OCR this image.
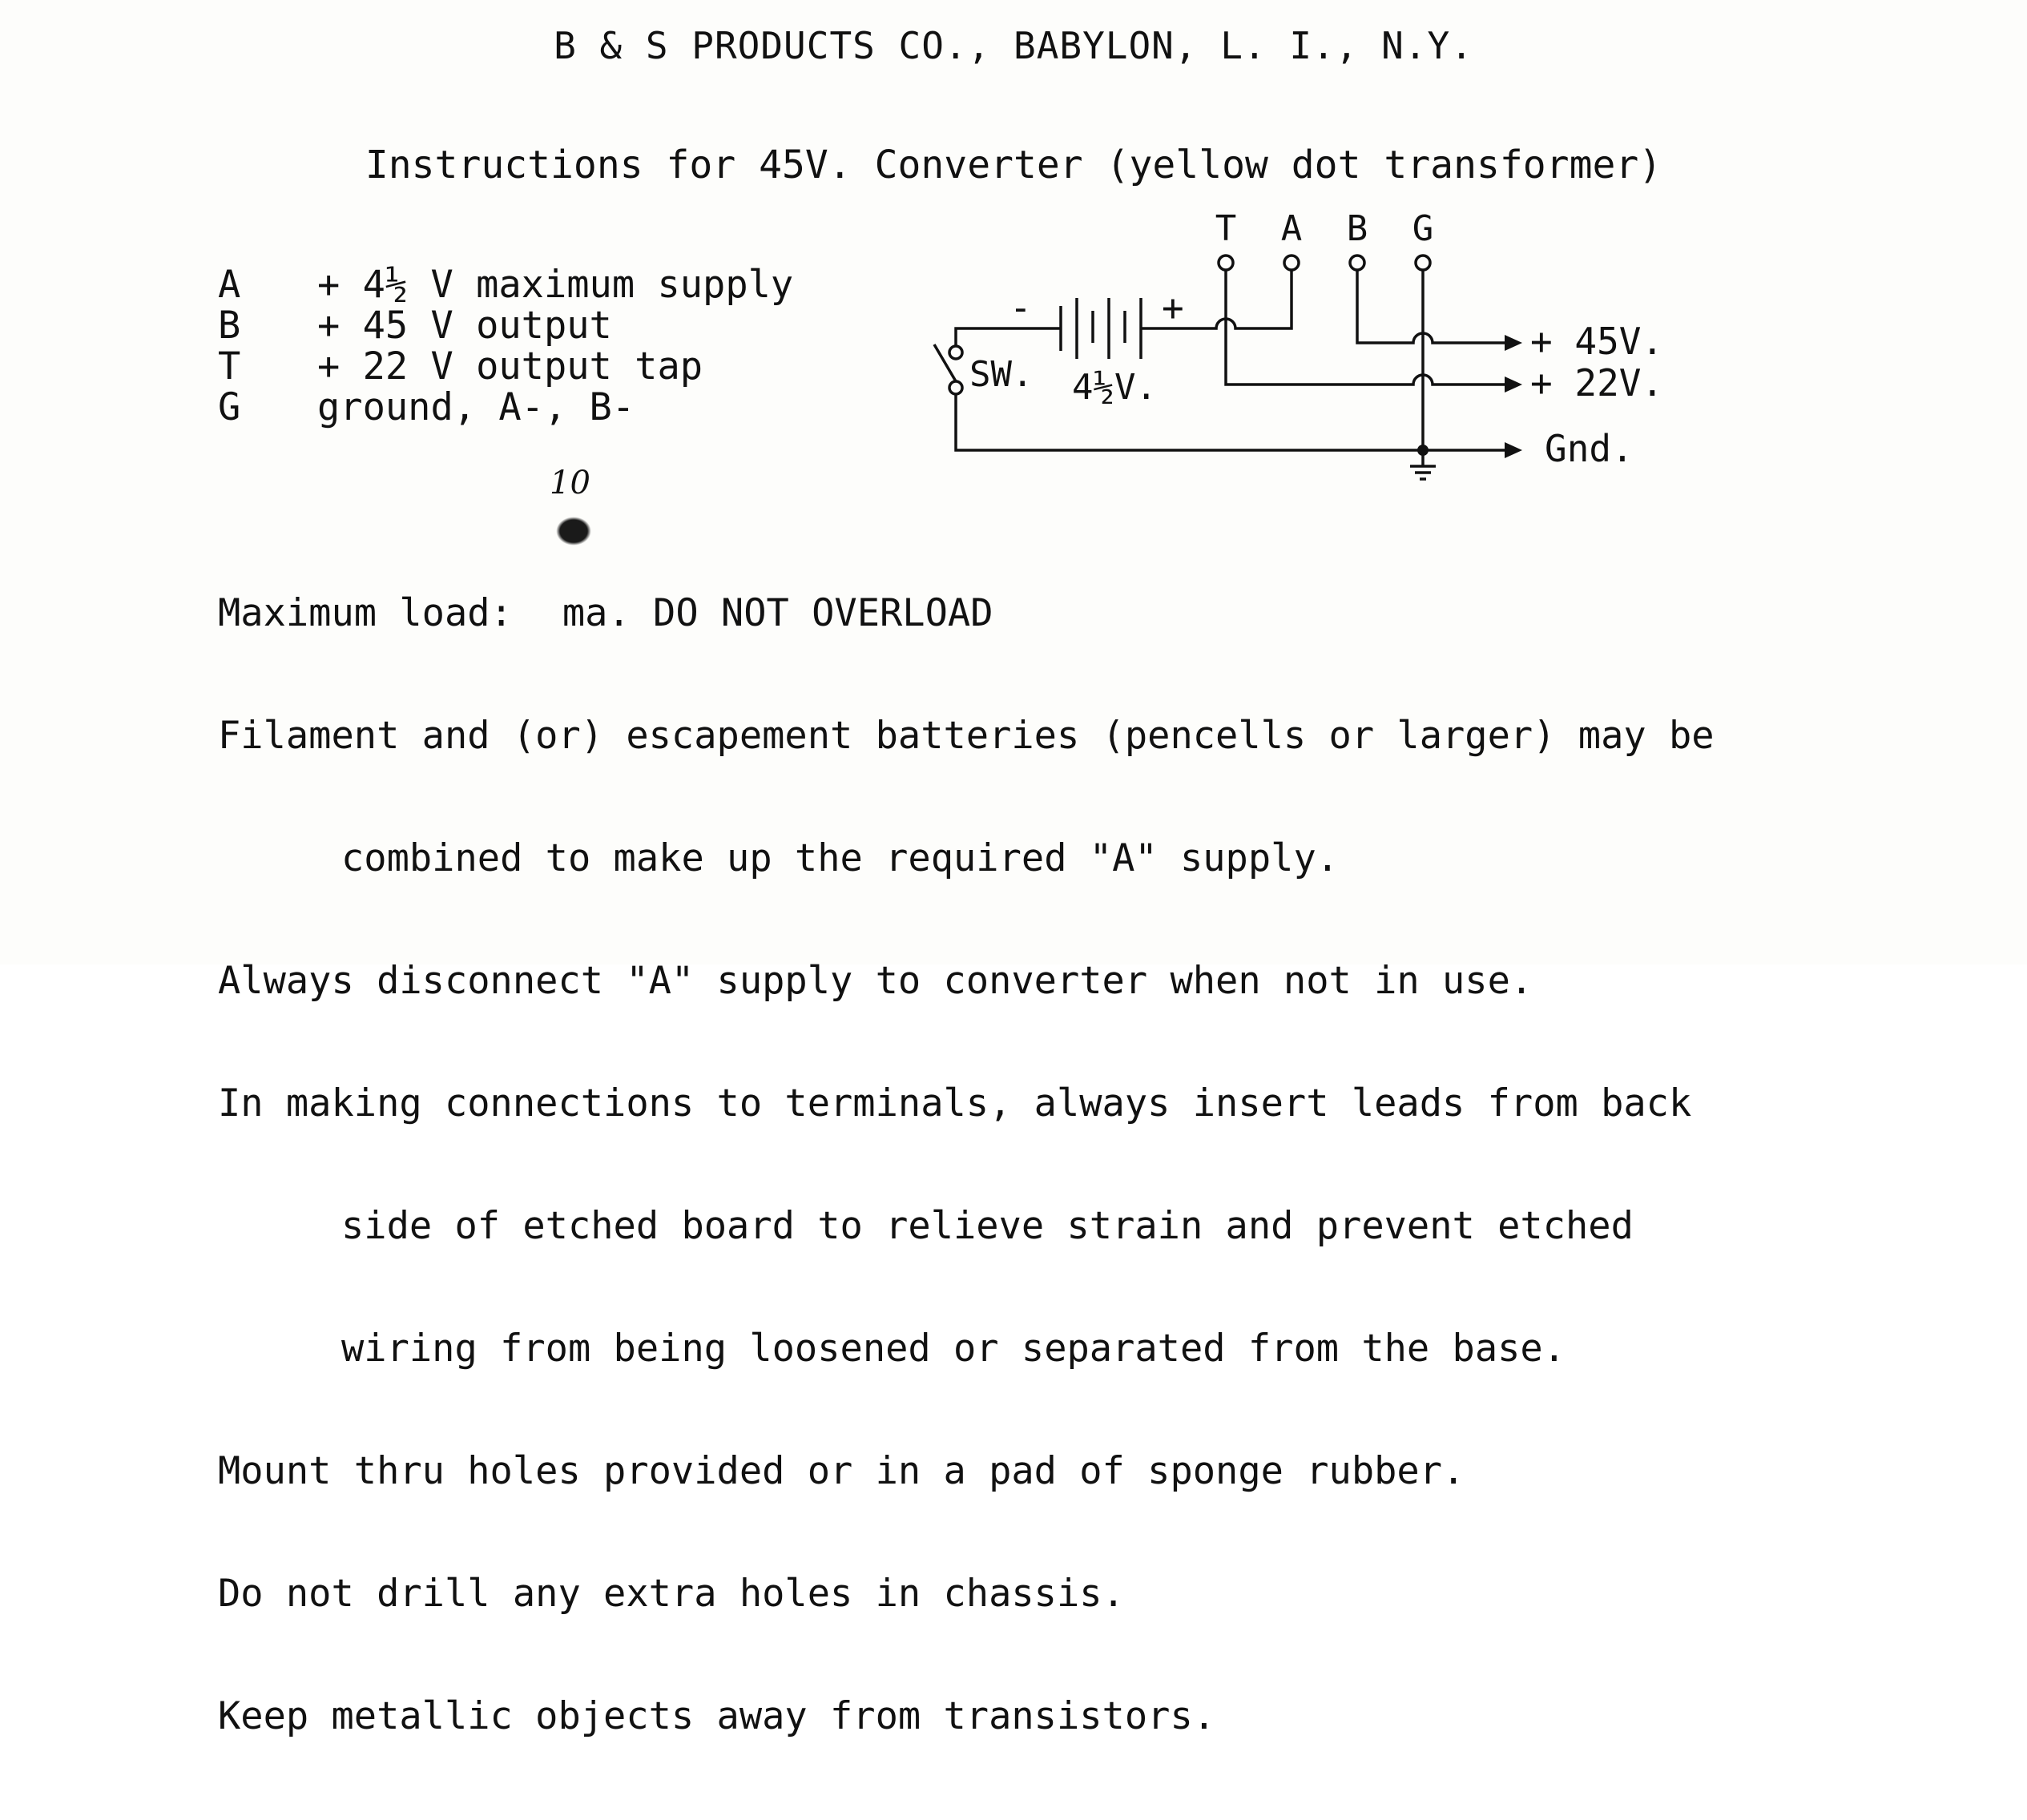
B & S PRODUCTS CO., BABYLON, L. I., N.Y.
Instructions for 45V. Converter (yellow dot transformer)
A	+ 4½ V maximum supply
B	+ 45 V output
T	+ 22 V output tap
G	ground, A-, B-
T A B G
-	+
SW. 4½V.
+ 45V.
+ 22V.
Gnd.
10

Maximum load: ma. DO NOT OVERLOAD

Filament and (or) escapement batteries (pencells or larger) may be

combined to make up the required "A" supply.

Always disconnect "A" supply to converter when not in use.

In making connections to terminals, always insert leads from back

side of etched board to relieve strain and prevent etched

wiring from being loosened or separated from the base.

Mount thru holes provided or in a pad of sponge rubber.

Do not drill any extra holes in chassis.

Keep metallic objects away from transistors.
